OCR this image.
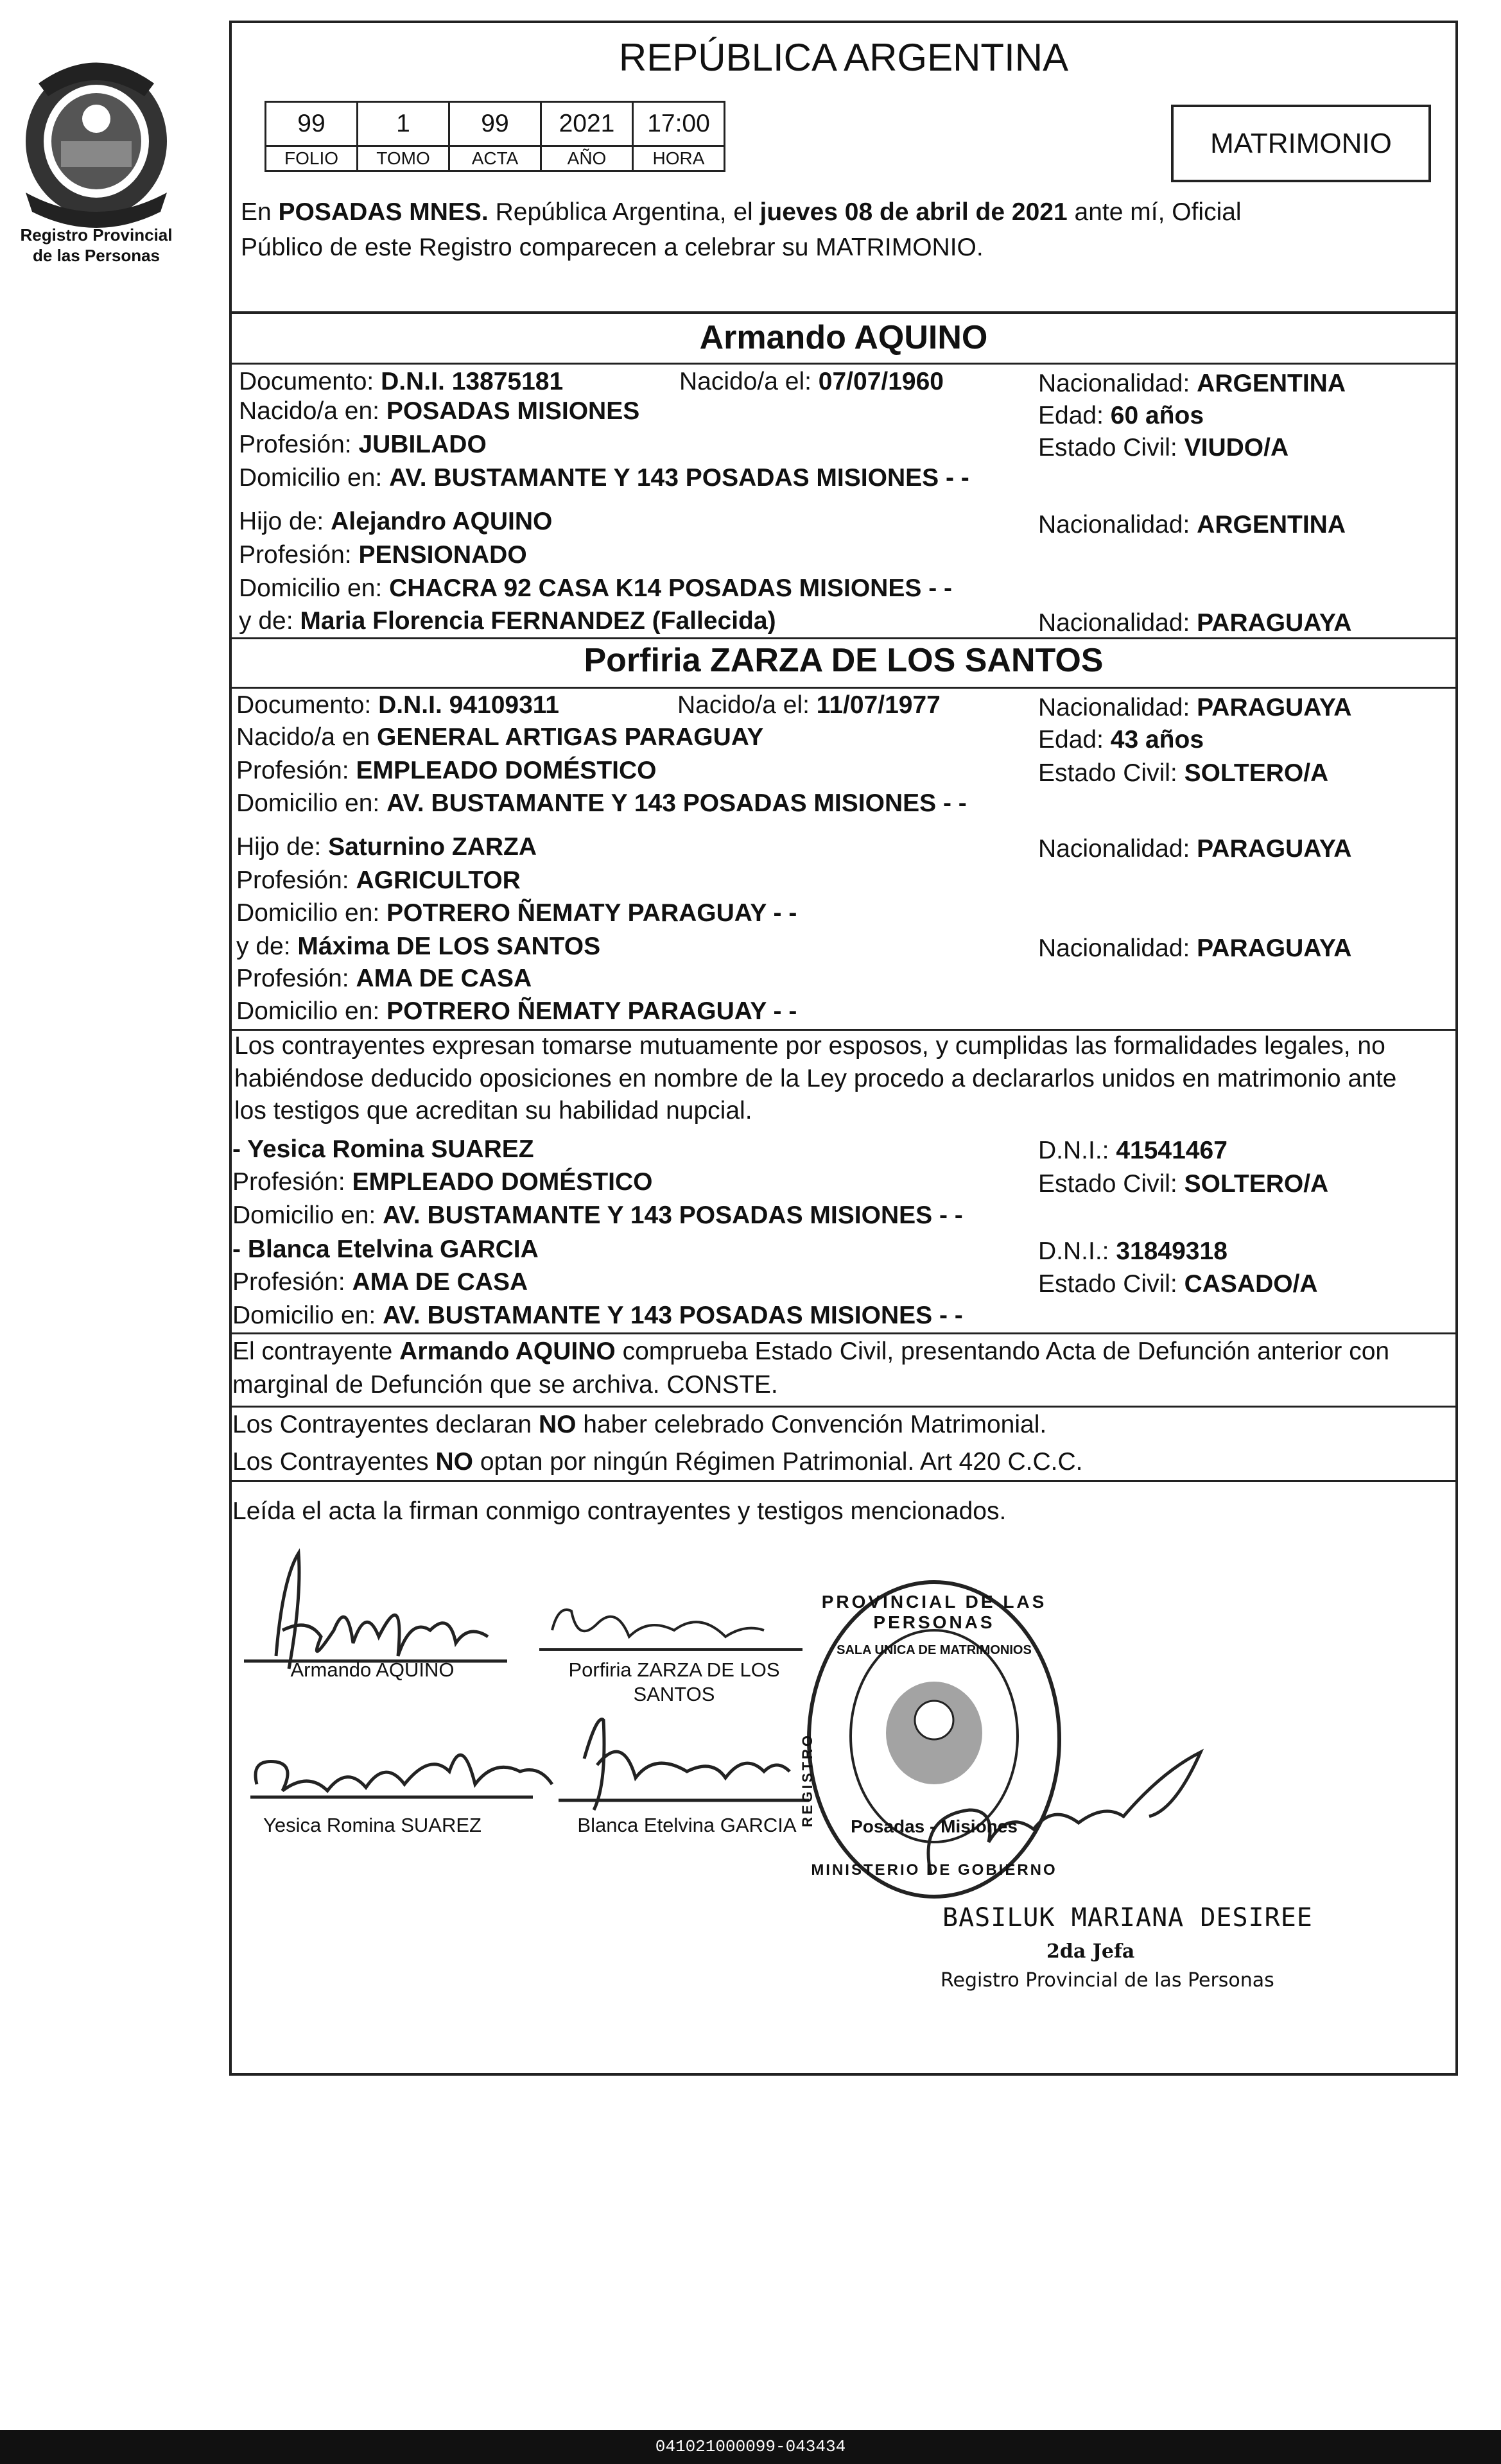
Registro Provincial
de las Personas
REPÚBLICA ARGENTINA
99	1	99	2021	17:00
FOLIO	TOMO	ACTA	AÑO	HORA	MATRIMONIO
En POSADAS MNES. República Argentina, el jueves 08 de abril de 2021 ante mí, Oficial
Público de este Registro comparecen a celebrar su MATRIMONIO.
Armando AQUINO
Documento: D.N.I. 13875181	Nacido/a el: 07/07/1960	Nacionalidad: ARGENTINA
Nacido/a en: POSADAS MISIONES	Edad: 60 años
Profesión: JUBILADO	Estado Civil: VIUDO/A
Domicilio en: AV. BUSTAMANTE Y 143 POSADAS MISIONES - -
Hijo de: Alejandro AQUINO	Nacionalidad: ARGENTINA
Profesión: PENSIONADO
Domicilio en: CHACRA 92 CASA K14 POSADAS MISIONES - -
y de: Maria Florencia FERNANDEZ (Fallecida)	Nacionalidad: PARAGUAYA
Porfiria ZARZA DE LOS SANTOS
Documento: D.N.I. 94109311	Nacido/a el: 11/07/1977	Nacionalidad: PARAGUAYA
Nacido/a en GENERAL ARTIGAS PARAGUAY	Edad: 43 años
Profesión: EMPLEADO DOMÉSTICO	Estado Civil: SOLTERO/A
Domicilio en: AV. BUSTAMANTE Y 143 POSADAS MISIONES - -
Hijo de: Saturnino ZARZA	Nacionalidad: PARAGUAYA
Profesión: AGRICULTOR
Domicilio en: POTRERO ÑEMATY PARAGUAY - -
y de: Máxima DE LOS SANTOS	Nacionalidad: PARAGUAYA
Profesión: AMA DE CASA
Domicilio en: POTRERO ÑEMATY PARAGUAY - -
Los contrayentes expresan tomarse mutuamente por esposos, y cumplidas las formalidades legales, no
habiéndose deducido oposiciones en nombre de la Ley procedo a declararlos unidos en matrimonio ante
los testigos que acreditan su habilidad nupcial.
- Yesica Romina SUAREZ	D.N.I.: 41541467
Profesión: EMPLEADO DOMÉSTICO	Estado Civil: SOLTERO/A
Domicilio en: AV. BUSTAMANTE Y 143 POSADAS MISIONES - -
- Blanca Etelvina GARCIA	D.N.I.: 31849318
Profesión: AMA DE CASA	Estado Civil: CASADO/A
Domicilio en: AV. BUSTAMANTE Y 143 POSADAS MISIONES - -
El contrayente Armando AQUINO comprueba Estado Civil, presentando Acta de Defunción anterior con
marginal de Defunción que se archiva. CONSTE.
Los Contrayentes declaran NO haber celebrado Convención Matrimonial.
Los Contrayentes NO optan por ningún Régimen Patrimonial. Art 420 C.C.C.
Leída el acta la firman conmigo contrayentes y testigos mencionados.
Armando AQUINO	Porfiria ZARZA DE LOS SANTOS
Yesica Romina SUAREZ	Blanca Etelvina GARCIA
PROVINCIAL DE LAS PERSONAS
SALA UNICA DE MATRIMONIOS
REGISTRO	Posadas - Misiones
MINISTERIO DE GOBIERNO
BASILUK MARIANA DESIREE
2da Jefa
Registro Provincial de las Personas
041021000099-043434
